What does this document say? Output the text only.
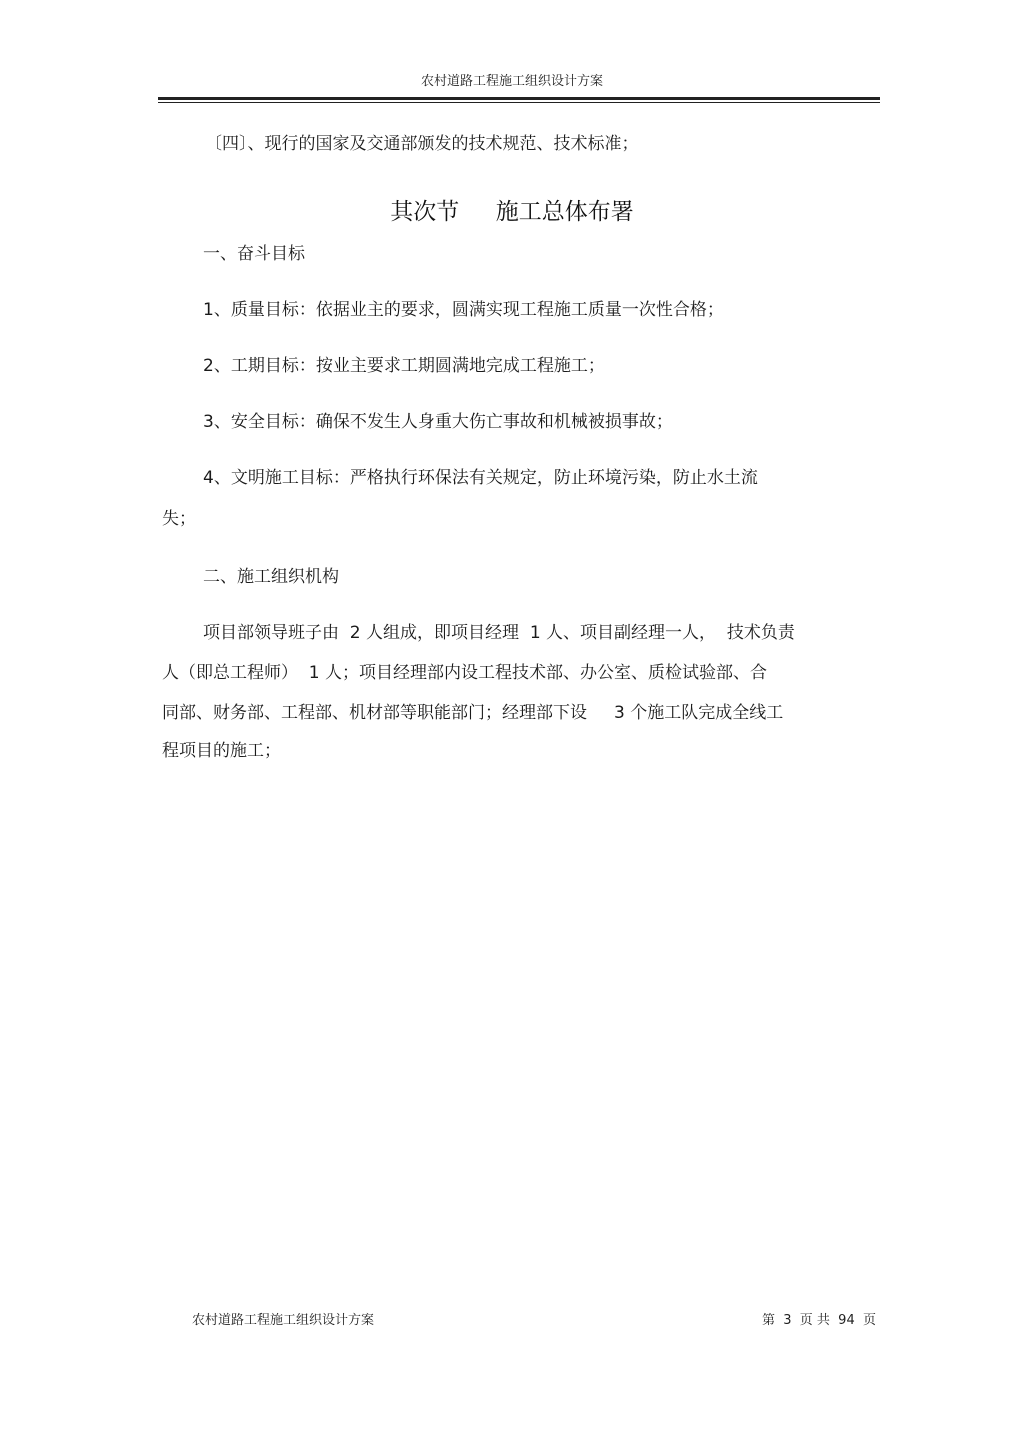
农村道路工程施工组织设计方案
〔四〕、现行的国家及交通部颁发的技术规范、技术标准；
其次节     施工总体布署
一、奋斗目标
1、质量目标：依据业主的要求，圆满实现工程施工质量一次性合格；
2、工期目标：按业主要求工期圆满地完成工程施工；
3、安全目标：确保不发生人身重大伤亡事故和机械被损事故；
4、文明施工目标：严格执行环保法有关规定，防止环境污染，防止水土流
失；
二、施工组织机构
项目部领导班子由  2 人组成，即项目经理  1 人、项目副经理一人，  技术负责
人（即总工程师）  1 人；项目经理部内设工程技术部、办公室、质检试验部、合
同部、财务部、工程部、机材部等职能部门；经理部下设     3 个施工队完成全线工
程项目的施工；
农村道路工程施工组织设计方案	第  3  页 共  94  页
